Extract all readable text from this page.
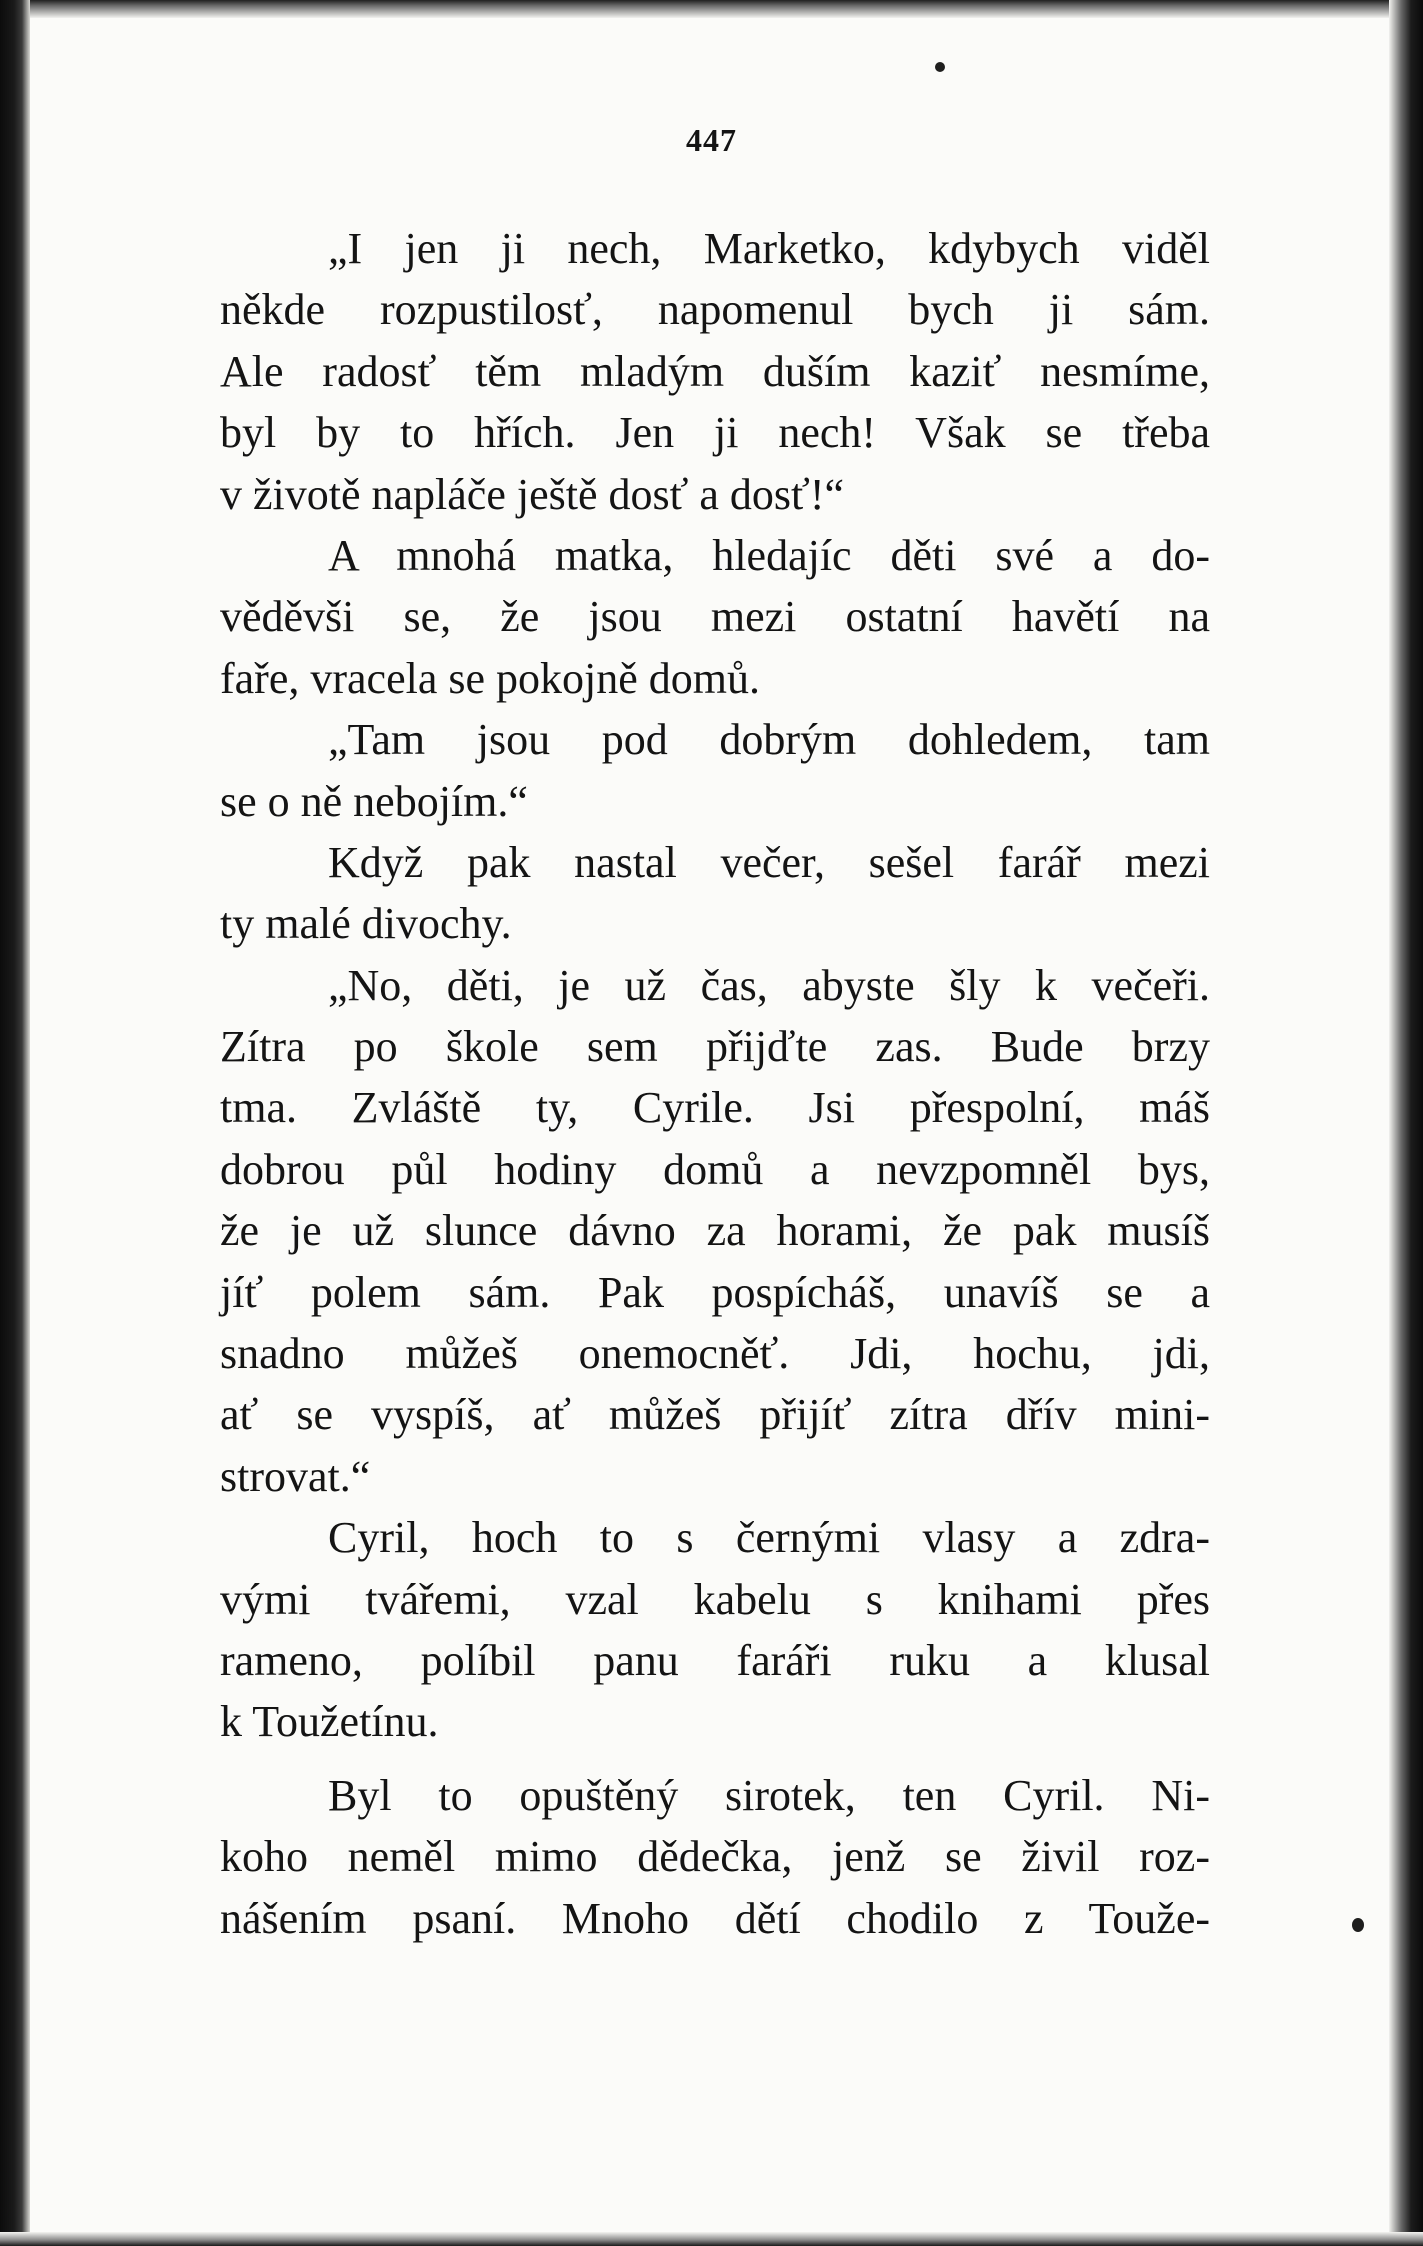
447
„I jen ji nech, Marketko, kdybych viděl
někde rozpustilosť, napomenul bych ji sám.
Ale radosť těm mladým duším kaziť nesmíme,
byl by to hřích. Jen ji nech! Však se třeba
v životě napláče ještě dosť a dosť!“
A mnohá matka, hledajíc děti své a do-
věděvši se, že jsou mezi ostatní havětí na
faře, vracela se pokojně domů.
„Tam jsou pod dobrým dohledem, tam
se o ně nebojím.“
Když pak nastal večer, sešel farář mezi
ty malé divochy.
„No, děti, je už čas, abyste šly k večeři.
Zítra po škole sem přijďte zas. Bude brzy
tma. Zvláště ty, Cyrile. Jsi přespolní, máš
dobrou půl hodiny domů a nevzpomněl bys,
že je už slunce dávno za horami, že pak musíš
jíť polem sám. Pak pospícháš, unavíš se a
snadno můžeš onemocněť. Jdi, hochu, jdi,
ať se vyspíš, ať můžeš přijíť zítra dřív mini-
strovat.“
Cyril, hoch to s černými vlasy a zdra-
vými tvářemi, vzal kabelu s knihami přes
rameno, políbil panu faráři ruku a klusal
k Toužetínu.
Byl to opuštěný sirotek, ten Cyril. Ni-
koho neměl mimo dědečka, jenž se živil roz-
nášením psaní. Mnoho dětí chodilo z Touže-
